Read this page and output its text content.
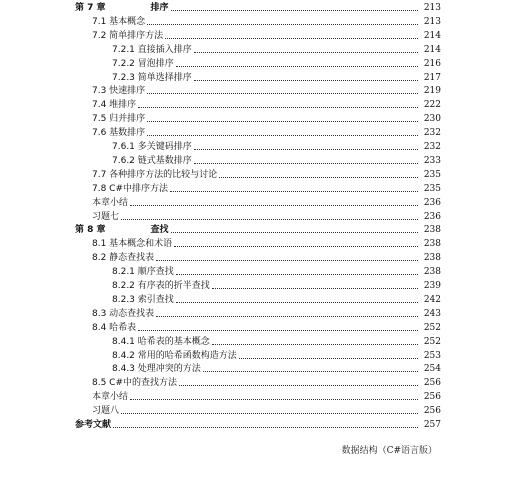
第 7 章	排序	213
7.1 基本概念	213
7.2 简单排序方法	214
7.2.1 直接插入排序	214
7.2.2 冒泡排序	216
7.2.3 简单选择排序	217
7.3 快速排序	219
7.4 堆排序	222
7.5 归并排序	230
7.6 基数排序	232
7.6.1 多关键码排序	232
7.6.2 链式基数排序	233
7.7 各种排序方法的比较与讨论	235
7.8 C#中排序方法	235
本章小结	236
习题七	236
第 8 章	查找	238
8.1 基本概念和术语	238
8.2 静态查找表	238
8.2.1 顺序查找	238
8.2.2 有序表的折半查找	239
8.2.3 索引查找	242
8.3 动态查找表	243
8.4 哈希表	252
8.4.1 哈希表的基本概念	252
8.4.2 常用的哈希函数构造方法	253
8.4.3 处理冲突的方法	254
8.5 C#中的查找方法	256
本章小结	256
习题八	256
参考文献	257
数据结构（C#语言版）
